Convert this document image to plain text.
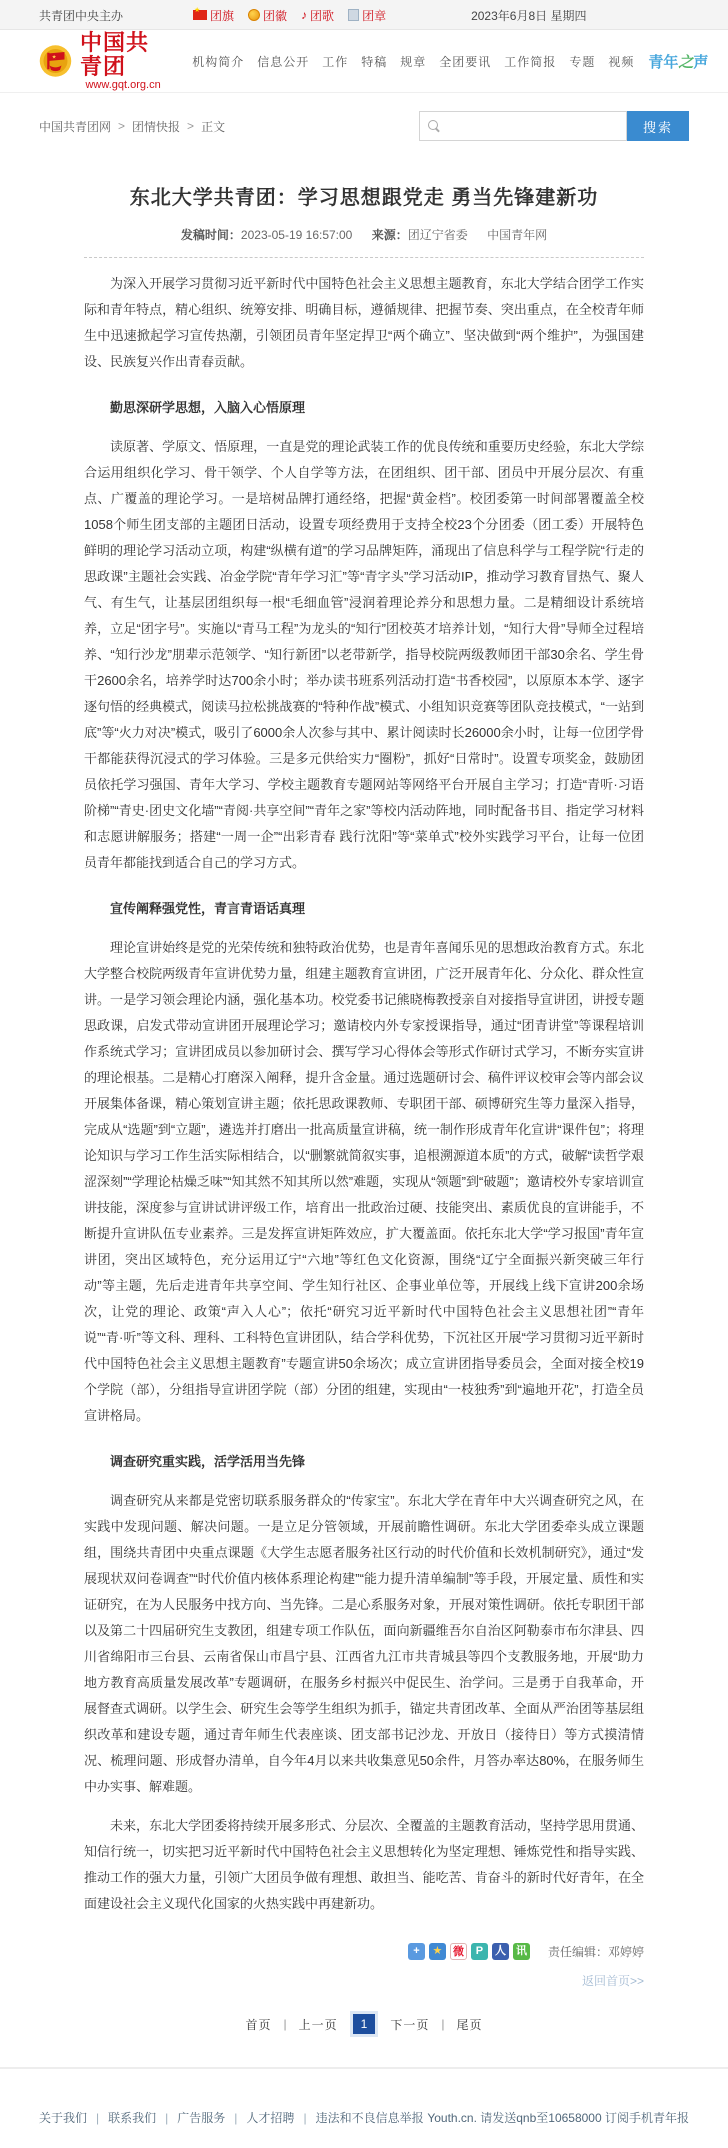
共青团中央主办 ★	团旗 团徽 ♪ 团歌 团章	2023年6月8日 星期四
★
中国共青团
www.gqt.org.cn
机构简介 信息公开 工作 特稿 规章 全团要讯 工作简报 专题 视频 青年之声
中国共青团网 > 团情快报 > 正文	搜索
东北大学共青团：学习思想跟党走 勇当先锋建新功
发稿时间：2023-05-19 16:57:00 来源：团辽宁省委 中国青年网
为深入开展学习贯彻习近平新时代中国特色社会主义思想主题教育，东北大学结合团学工作实际和青年特点，精心组织、统筹安排、明确目标，遵循规律、把握节奏、突出重点，在全校青年师生中迅速掀起学习宣传热潮，引领团员青年坚定捍卫“两个确立”、坚决做到“两个维护”，为强国建设、民族复兴作出青春贡献。
勤思深研学思想，入脑入心悟原理
读原著、学原文、悟原理，一直是党的理论武装工作的优良传统和重要历史经验，东北大学综合运用组织化学习、骨干领学、个人自学等方法，在团组织、团干部、团员中开展分层次、有重点、广覆盖的理论学习。一是培树品牌打通经络，把握“黄金档”。校团委第一时间部署覆盖全校1058个师生团支部的主题团日活动，设置专项经费用于支持全校23个分团委（团工委）开展特色鲜明的理论学习活动立项，构建“纵横有道”的学习品牌矩阵，涌现出了信息科学与工程学院“行走的思政课”主题社会实践、冶金学院“青年学习汇”等“青字头”学习活动IP，推动学习教育冒热气、聚人气、有生气，让基层团组织每一根“毛细血管”浸润着理论养分和思想力量。二是精细设计系统培养，立足“团字号”。实施以“青马工程”为龙头的“知行”团校英才培养计划，“知行大骨”导师全过程培养、“知行沙龙”朋辈示范领学、“知行新团”以老带新学，指导校院两级教师团干部30余名、学生骨干2600余名，培养学时达700余小时；举办读书班系列活动打造“书香校园”，以原原本本学、逐字逐句悟的经典模式，阅读马拉松挑战赛的“特种作战”模式、小组知识竞赛等团队竞技模式，“一站到底”等“火力对决”模式，吸引了6000余人次参与其中、累计阅读时长26000余小时，让每一位团学骨干都能获得沉浸式的学习体验。三是多元供给实力“圈粉”，抓好“日常时”。设置专项奖金，鼓励团员依托学习强国、青年大学习、学校主题教育专题网站等网络平台开展自主学习；打造“青听·习语阶梯”“青史·团史文化墙”“青阅·共享空间”“青年之家”等校内活动阵地，同时配备书目、指定学习材料和志愿讲解服务；搭建“一周一企”“出彩青春 践行沈阳”等“菜单式”校外实践学习平台，让每一位团员青年都能找到适合自己的学习方式。
宣传阐释强党性，青言青语话真理
理论宣讲始终是党的光荣传统和独特政治优势，也是青年喜闻乐见的思想政治教育方式。东北大学整合校院两级青年宣讲优势力量，组建主题教育宣讲团，广泛开展青年化、分众化、群众性宣讲。一是学习领会理论内涵，强化基本功。校党委书记熊晓梅教授亲自对接指导宣讲团，讲授专题思政课，启发式带动宣讲团开展理论学习；邀请校内外专家授课指导，通过“团青讲堂”等课程培训作系统式学习；宣讲团成员以参加研讨会、撰写学习心得体会等形式作研讨式学习，不断夯实宣讲的理论根基。二是精心打磨深入阐释，提升含金量。通过选题研讨会、稿件评议校审会等内部会议开展集体备课，精心策划宣讲主题；依托思政课教师、专职团干部、硕博研究生等力量深入指导，完成从“选题”到“立题”，遴选并打磨出一批高质量宣讲稿，统一制作形成青年化宣讲“课件包”；将理论知识与学习工作生活实际相结合，以“删繁就简叙实事，追根溯源道本质”的方式，破解“读哲学艰涩深刻”“学理论枯燥乏味”“知其然不知其所以然”难题，实现从“领题”到“破题”；邀请校外专家培训宣讲技能，深度参与宣讲试讲评级工作，培育出一批政治过硬、技能突出、素质优良的宣讲能手，不断提升宣讲队伍专业素养。三是发挥宣讲矩阵效应，扩大覆盖面。依托东北大学“学习报国”青年宣讲团，突出区域特色，充分运用辽宁“六地”等红色文化资源，围绕“辽宁全面振兴新突破三年行动”等主题，先后走进青年共享空间、学生知行社区、企事业单位等，开展线上线下宣讲200余场次，让党的理论、政策“声入人心”；依托“研究习近平新时代中国特色社会主义思想社团”“青年说”“青·听”等文科、理科、工科特色宣讲团队，结合学科优势，下沉社区开展“学习贯彻习近平新时代中国特色社会主义思想主题教育”专题宣讲50余场次；成立宣讲团指导委员会，全面对接全校19个学院（部），分组指导宣讲团学院（部）分团的组建，实现由“一枝独秀”到“遍地开花”，打造全员宣讲格局。
调查研究重实践，活学活用当先锋
调查研究从来都是党密切联系服务群众的“传家宝”。东北大学在青年中大兴调查研究之风，在实践中发现问题、解决问题。一是立足分管领域，开展前瞻性调研。东北大学团委牵头成立课题组，围绕共青团中央重点课题《大学生志愿者服务社区行动的时代价值和长效机制研究》，通过“发展现状双问卷调查”“时代价值内核体系理论构建”“能力提升清单编制”等手段，开展定量、质性和实证研究，在为人民服务中找方向、当先锋。二是心系服务对象，开展对策性调研。依托专职团干部以及第二十四届研究生支教团，组建专项工作队伍，面向新疆维吾尔自治区阿勒泰市布尔津县、四川省绵阳市三台县、云南省保山市昌宁县、江西省九江市共青城县等四个支教服务地，开展“助力地方教育高质量发展改革”专题调研，在服务乡村振兴中促民生、治学问。三是勇于自我革命，开展督查式调研。以学生会、研究生会等学生组织为抓手，锚定共青团改革、全面从严治团等基层组织改革和建设专题，通过青年师生代表座谈、团支部书记沙龙、开放日（接待日）等方式摸清情况、梳理问题、形成督办清单，自今年4月以来共收集意见50余件，月答办率达80%，在服务师生中办实事、解难题。
未来，东北大学团委将持续开展多形式、分层次、全覆盖的主题教育活动，坚持学思用贯通、知信行统一，切实把习近平新时代中国特色社会主义思想转化为坚定理想、锤炼党性和指导实践、推动工作的强大力量，引领广大团员争做有理想、敢担当、能吃苦、肯奋斗的新时代好青年，在全面建设社会主义现代化国家的火热实践中再建新功。
+	★ 微	P	人 讯 责任编辑：邓婷婷
返回首页>>
首页 | 上一页	1	下一页 | 尾页
关于我们 | 联系我们 | 广告服务 | 人才招聘 | 违法和不良信息举报 Youth.cn. 请发送qnb至10658000 订阅手机青年报
